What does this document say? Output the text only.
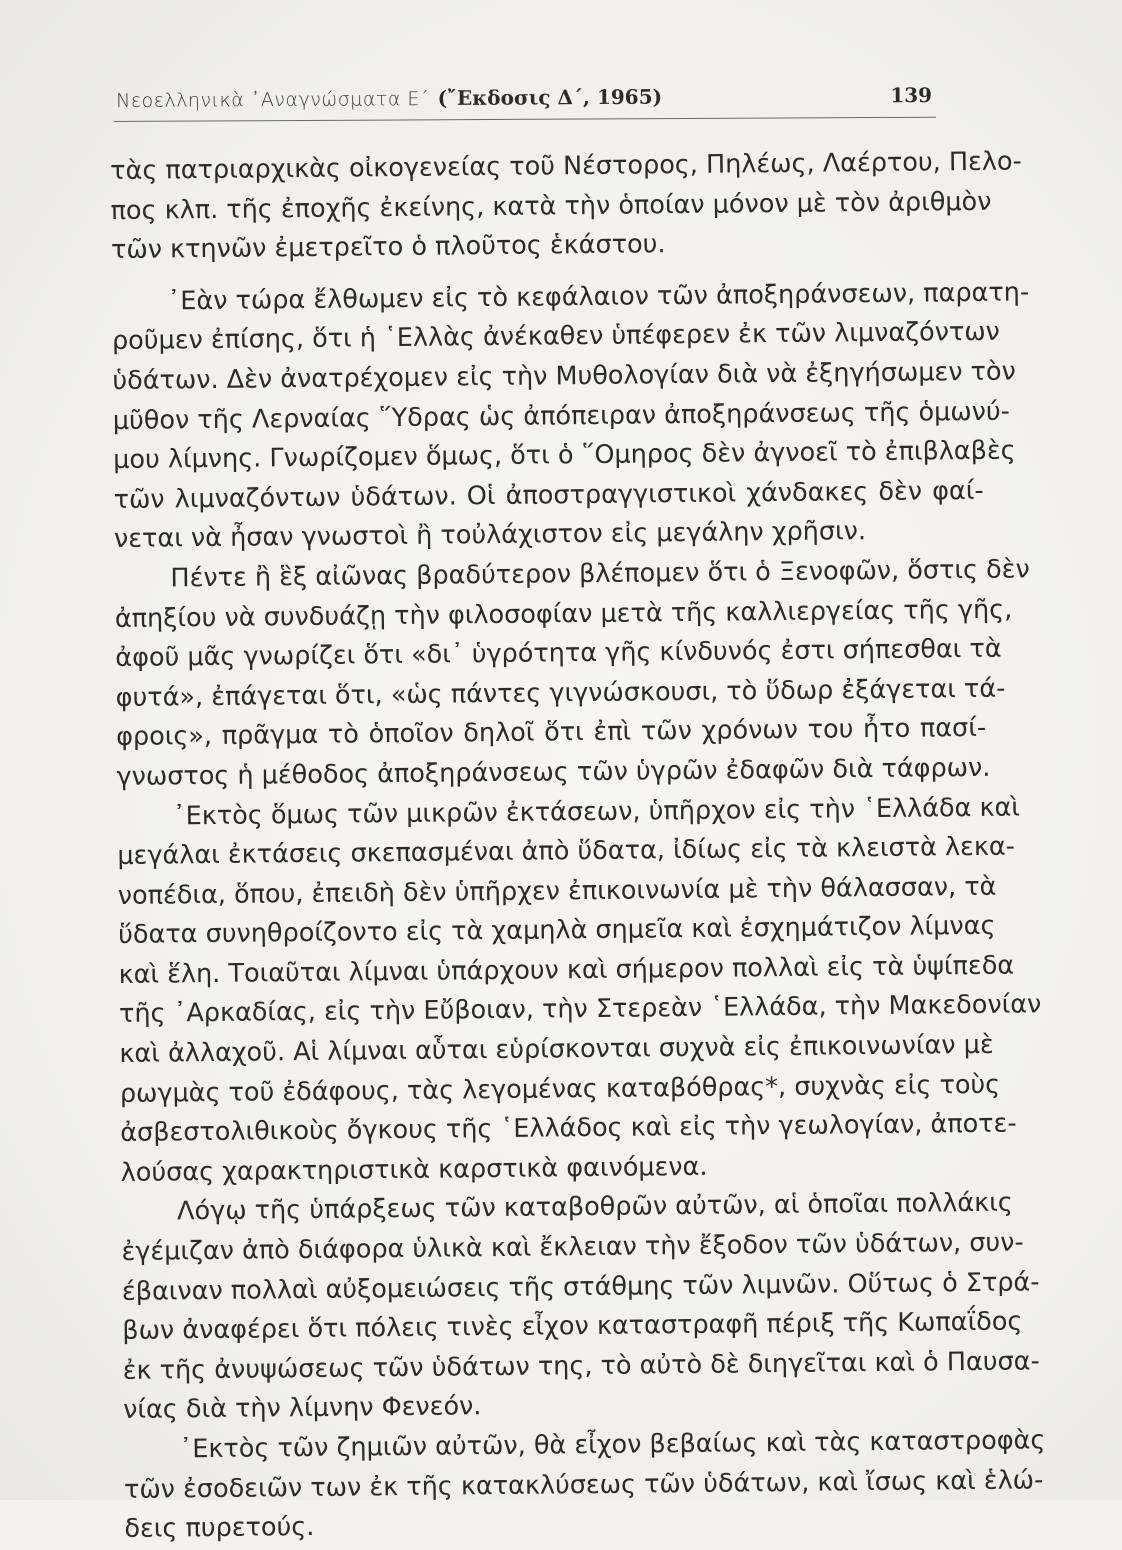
Νεοελληνικὰ ᾿Αναγνώσματα Ε΄ (῎Εκδοσις Δ΄, 1965)	139
τὰς πατριαρχικὰς οἰκογενείας τοῦ Νέστορος, Πηλέως, Λαέρτου, Πελο-
πος κλπ. τῆς ἐποχῆς ἐκείνης, κατὰ τὴν ὁποίαν μόνον μὲ τὸν ἀριθμὸν
τῶν κτηνῶν ἐμετρεῖτο ὁ πλοῦτος ἑκάστου.
᾿Εὰν τώρα ἔλθωμεν εἰς τὸ κεφάλαιον τῶν ἀποξηράνσεων, παρατη-
ροῦμεν ἐπίσης, ὅτι ἡ ῾Ελλὰς ἀνέκαθεν ὑπέφερεν ἐκ τῶν λιμναζόντων
ὑδάτων. Δὲν ἀνατρέχομεν εἰς τὴν Μυθολογίαν διὰ νὰ ἐξηγήσωμεν τὸν
μῦθον τῆς Λερναίας ῞Υδρας ὡς ἀπόπειραν ἀποξηράνσεως τῆς ὁμωνύ-
μου λίμνης. Γνωρίζομεν ὅμως, ὅτι ὁ ῞Ομηρος δὲν ἀγνοεῖ τὸ ἐπιβλαβὲς
τῶν λιμναζόντων ὑδάτων. Οἱ ἀποστραγγιστικοὶ χάνδακες δὲν φαί-
νεται νὰ ἦσαν γνωστοὶ ἢ τοὐλάχιστον εἰς μεγάλην χρῆσιν.
Πέντε ἢ ἓξ αἰῶνας βραδύτερον βλέπομεν ὅτι ὁ Ξενοφῶν, ὅστις δὲν
ἀπηξίου νὰ συνδυάζῃ τὴν φιλοσοφίαν μετὰ τῆς καλλιεργείας τῆς γῆς,
ἀφοῦ μᾶς γνωρίζει ὅτι «δι᾿ ὑγρότητα γῆς κίνδυνός ἐστι σήπεσθαι τὰ
φυτά», ἐπάγεται ὅτι, «ὡς πάντες γιγνώσκουσι, τὸ ὕδωρ ἐξάγεται τά-
φροις», πρᾶγμα τὸ ὁποῖον δηλοῖ ὅτι ἐπὶ τῶν χρόνων του ἦτο πασί-
γνωστος ἡ μέθοδος ἀποξηράνσεως τῶν ὑγρῶν ἐδαφῶν διὰ τάφρων.
᾿Εκτὸς ὅμως τῶν μικρῶν ἐκτάσεων, ὑπῆρχον εἰς τὴν ῾Ελλάδα καὶ
μεγάλαι ἐκτάσεις σκεπασμέναι ἀπὸ ὕδατα, ἰδίως εἰς τὰ κλειστὰ λεκα-
νοπέδια, ὅπου, ἐπειδὴ δὲν ὑπῆρχεν ἐπικοινωνία μὲ τὴν θάλασσαν, τὰ
ὕδατα συνηθροίζοντο εἰς τὰ χαμηλὰ σημεῖα καὶ ἐσχημάτιζον λίμνας
καὶ ἕλη. Τοιαῦται λίμναι ὑπάρχουν καὶ σήμερον πολλαὶ εἰς τὰ ὑψίπεδα
τῆς ᾿Αρκαδίας, εἰς τὴν Εὔβοιαν, τὴν Στερεὰν ῾Ελλάδα, τὴν Μακεδονίαν
καὶ ἀλλαχοῦ. Αἱ λίμναι αὗται εὑρίσκονται συχνὰ εἰς ἐπικοινωνίαν μὲ
ρωγμὰς τοῦ ἐδάφους, τὰς λεγομένας καταβόθρας*, συχνὰς εἰς τοὺς
ἀσβεστολιθικοὺς ὄγκους τῆς ῾Ελλάδος καὶ εἰς τὴν γεωλογίαν, ἀποτε-
λούσας χαρακτηριστικὰ καρστικὰ φαινόμενα.
Λόγῳ τῆς ὑπάρξεως τῶν καταβοθρῶν αὐτῶν, αἱ ὁποῖαι πολλάκις
ἐγέμιζαν ἀπὸ διάφορα ὑλικὰ καὶ ἔκλειαν τὴν ἔξοδον τῶν ὑδάτων, συν-
έβαιναν πολλαὶ αὐξομειώσεις τῆς στάθμης τῶν λιμνῶν. Οὕτως ὁ Στρά-
βων ἀναφέρει ὅτι πόλεις τινὲς εἶχον καταστραφῆ πέριξ τῆς Κωπαΐδος
ἐκ τῆς ἀνυψώσεως τῶν ὑδάτων της, τὸ αὐτὸ δὲ διηγεῖται καὶ ὁ Παυσα-
νίας διὰ τὴν λίμνην Φενεόν.
᾿Εκτὸς τῶν ζημιῶν αὐτῶν, θὰ εἶχον βεβαίως καὶ τὰς καταστροφὰς
τῶν ἐσοδειῶν των ἐκ τῆς κατακλύσεως τῶν ὑδάτων, καὶ ἴσως καὶ ἑλώ-
δεις πυρετούς.
